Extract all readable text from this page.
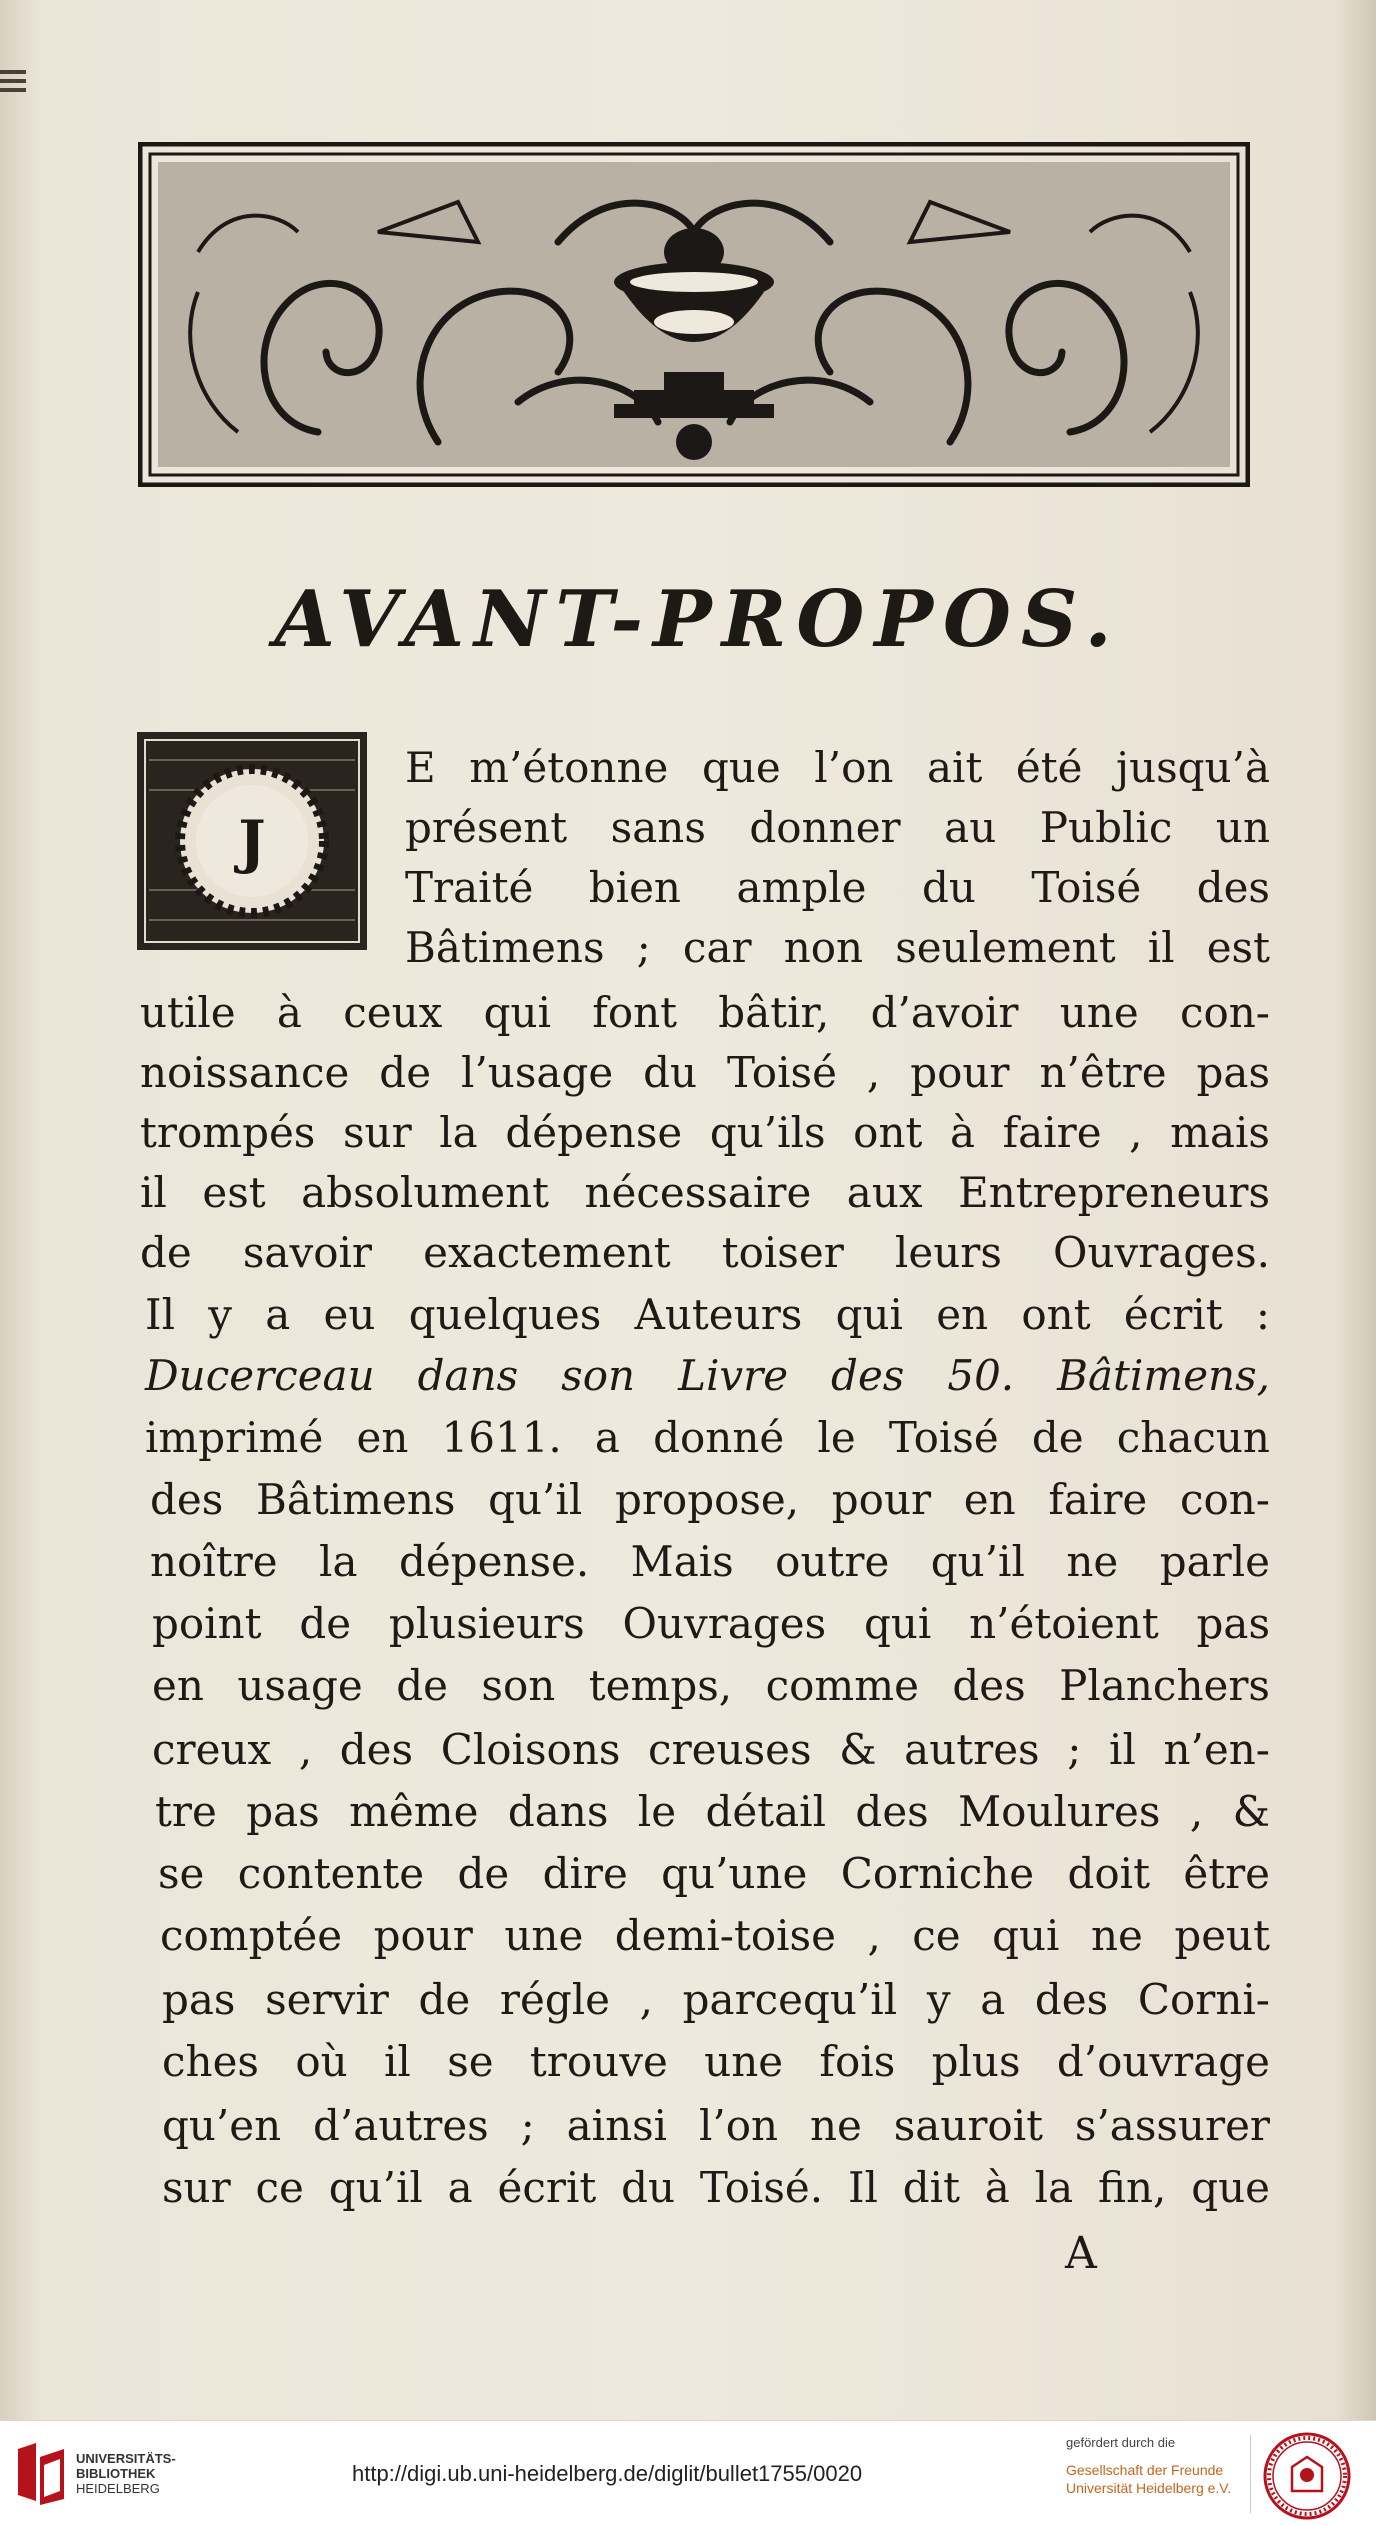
AVANT-PROPOS.
J
E m’étonne que l’on ait été jusqu’à
présent sans donner au Public un
Traité bien ample du Toisé des
Bâtimens ; car non seulement il est
utile à ceux qui font bâtir, d’avoir une con-
noissance de l’usage du Toisé , pour n’être pas
trompés sur la dépense qu’ils ont à faire , mais
il est absolument nécessaire aux Entrepreneurs
de savoir exactement toiser leurs Ouvrages.
Il y a eu quelques Auteurs qui en ont écrit :
Ducerceau dans son Livre des 50. Bâtimens,
imprimé en 1611. a donné le Toisé de chacun
des Bâtimens qu’il propose, pour en faire con-
noître la dépense. Mais outre qu’il ne parle
point de plusieurs Ouvrages qui n’étoient pas
en usage de son temps, comme des Planchers
creux , des Cloisons creuses & autres ; il n’en-
tre pas même dans le détail des Moulures , &
se contente de dire qu’une Corniche doit être
comptée pour une demi-toise , ce qui ne peut
pas servir de régle , parcequ’il y a des Corni-
ches où il se trouve une fois plus d’ouvrage
qu’en d’autres ; ainsi l’on ne sauroit s’assurer
sur ce qu’il a écrit du Toisé. Il dit à la fin, que
A
UNIVERSITÄTS-
BIBLIOTHEK
HEIDELBERG
http://digi.ub.uni-heidelberg.de/diglit/bullet1755/0020
gefördert durch die
Gesellschaft der Freunde
Universität Heidelberg e.V.
